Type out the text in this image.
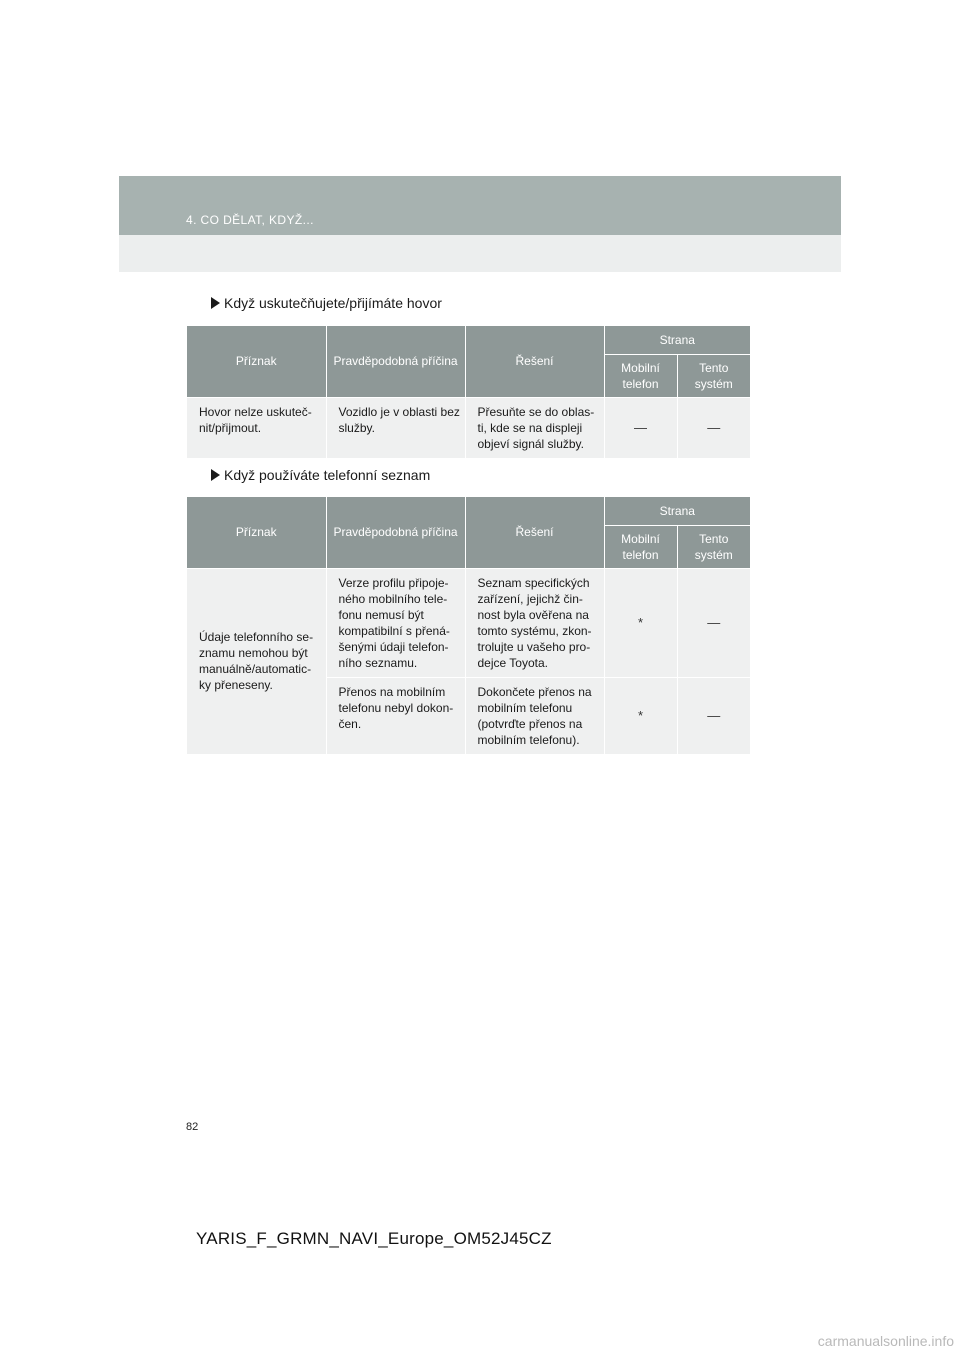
4. CO DĚLAT, KDYŽ...
Když uskutečňujete/přijímáte hovor
Příznak	Pravděpodobná příčina	Řešení	Strana	
			Mobilní telefon	Tento systém
Hovor nelze uskuteč-nit/přijmout.	Vozidlo je v oblasti bez služby.	Přesuňte se do oblas-ti, kde se na displeji objeví signál služby.	—	—
Když používáte telefonní seznam
Příznak	Pravděpodobná příčina	Řešení	Strana	
			Mobilní telefon	Tento systém
Údaje telefonního se-znamu nemohou být manuálně/automatic-ky přeneseny.	Verze profilu připoje-ného mobilního tele-fonu nemusí být kompatibilní s přená-šenými údaji telefon-ního seznamu.	Seznam specifických zařízení, jejichž čin-nost byla ověřena na tomto systému, zkon-trolujte u vašeho pro-dejce Toyota.	*	—
	Přenos na mobilním telefonu nebyl dokon-čen.	Dokončete přenos na mobilním telefonu (potvrďte přenos na mobilním telefonu).	*	—
82
YARIS_F_GRMN_NAVI_Europe_OM52J45CZ
carmanualsonline.info
